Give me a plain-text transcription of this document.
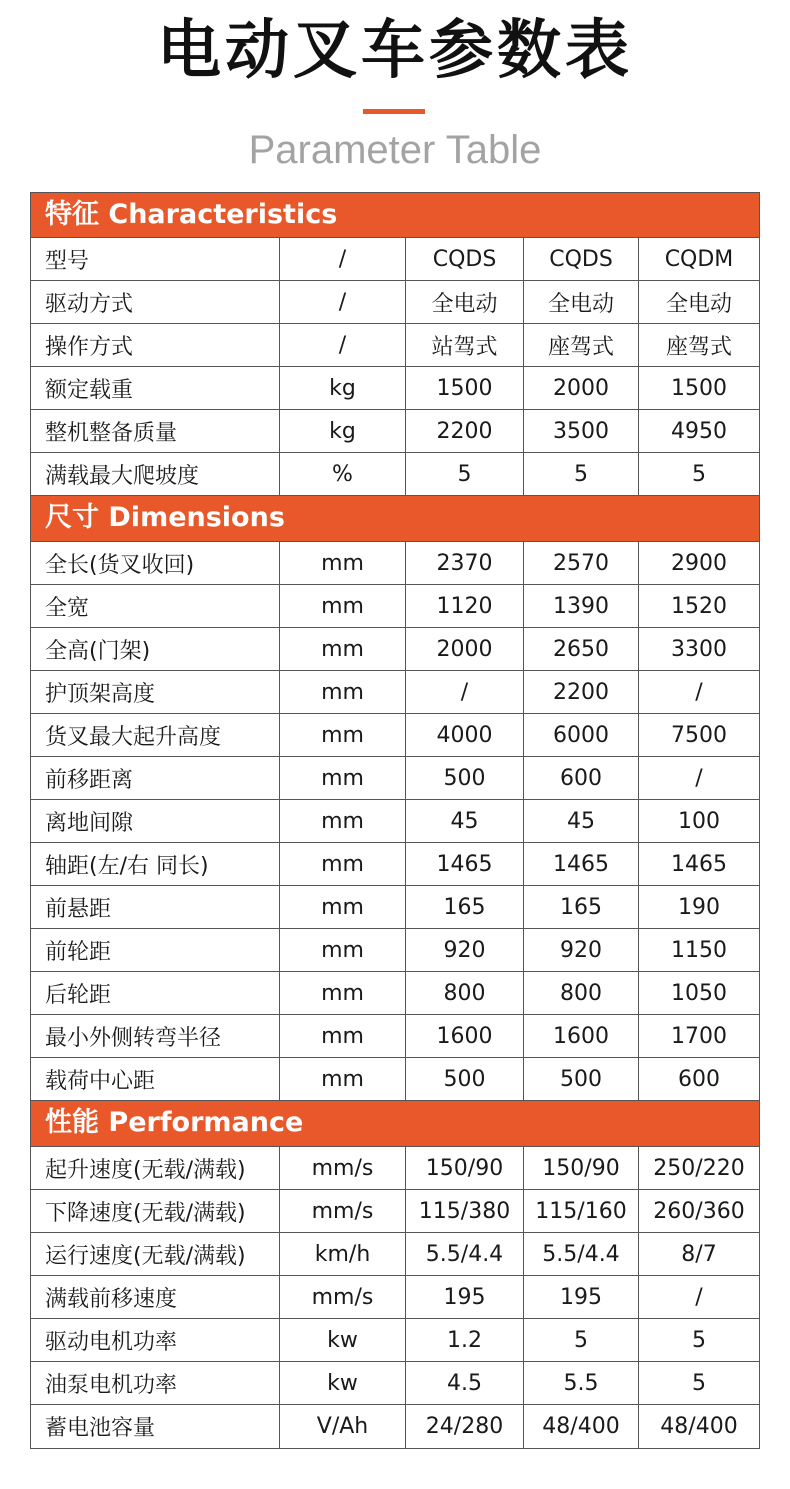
电动叉车参数表
Parameter Table
特征 Characteristics
型号	/	CQDS	CQDS	CQDM
驱动方式	/	全电动	全电动	全电动
操作方式	/	站驾式	座驾式	座驾式
额定载重	kg	1500	2000	1500
整机整备质量	kg	2200	3500	4950
满载最大爬坡度	%	5	5	5
尺寸 Dimensions
全长(货叉收回)	mm	2370	2570	2900
全宽	mm	1120	1390	1520
全高(门架)	mm	2000	2650	3300
护顶架高度	mm	/	2200	/
货叉最大起升高度	mm	4000	6000	7500
前移距离	mm	500	600	/
离地间隙	mm	45	45	100
轴距(左/右 同长)	mm	1465	1465	1465
前悬距	mm	165	165	190
前轮距	mm	920	920	1150
后轮距	mm	800	800	1050
最小外侧转弯半径	mm	1600	1600	1700
载荷中心距	mm	500	500	600
性能 Performance
起升速度(无载/满载)	mm/s	150/90	150/90	250/220
下降速度(无载/满载)	mm/s	115/380	115/160	260/360
运行速度(无载/满载)	km/h	5.5/4.4	5.5/4.4	8/7
满载前移速度	mm/s	195	195	/
驱动电机功率	kw	1.2	5	5
油泵电机功率	kw	4.5	5.5	5
蓄电池容量	V/Ah	24/280	48/400	48/400
